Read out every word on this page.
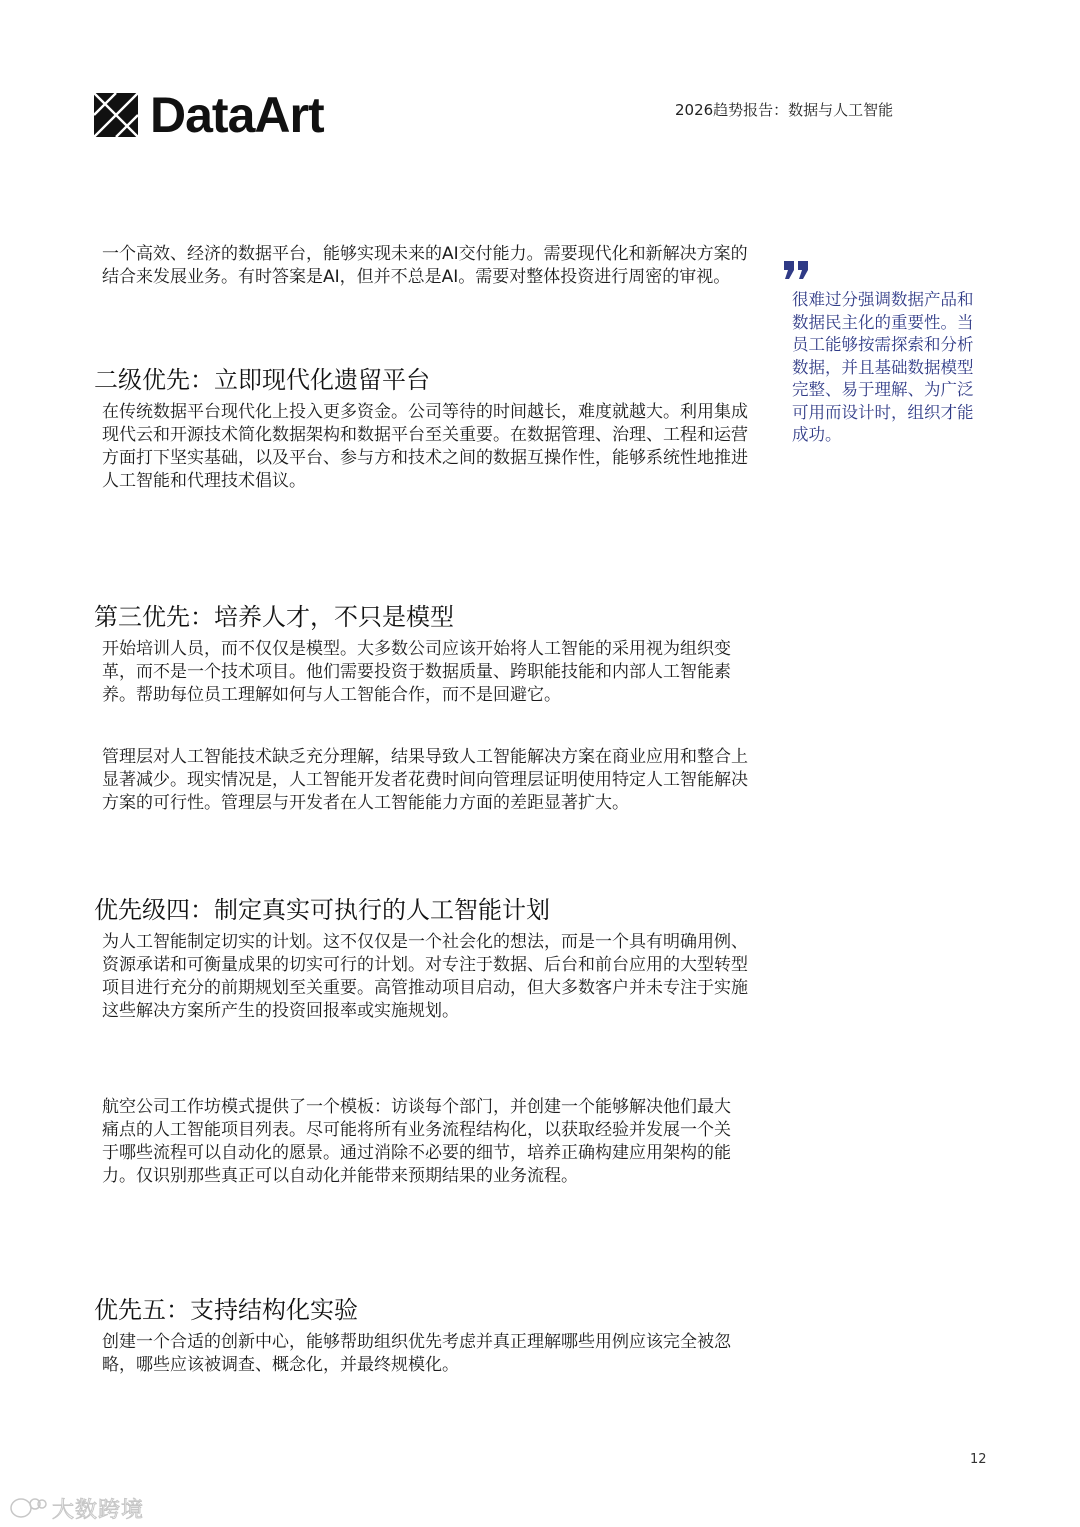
DataArt	2026趋势报告：数据与人工智能

一个高效、经济的数据平台，能够实现未来的AI交付能力。需要现代化和新解决方案的结合来发展业务。有时答案是AI，但并不总是AI。需要对整体投资进行周密的审视。

二级优先：立即现代化遗留平台

在传统数据平台现代化上投入更多资金。公司等待的时间越长，难度就越大。利用集成现代云和开源技术简化数据架构和数据平台至关重要。在数据管理、治理、工程和运营方面打下坚实基础，以及平台、参与方和技术之间的数据互操作性，能够系统性地推进人工智能和代理技术倡议。

第三优先：培养人才，不只是模型

开始培训人员，而不仅仅是模型。大多数公司应该开始将人工智能的采用视为组织变革，而不是一个技术项目。他们需要投资于数据质量、跨职能技能和内部人工智能素养。帮助每位员工理解如何与人工智能合作，而不是回避它。

管理层对人工智能技术缺乏充分理解，结果导致人工智能解决方案在商业应用和整合上显著减少。现实情况是，人工智能开发者花费时间向管理层证明使用特定人工智能解决方案的可行性。管理层与开发者在人工智能能力方面的差距显著扩大。

优先级四：制定真实可执行的人工智能计划

为人工智能制定切实的计划。这不仅仅是一个社会化的想法，而是一个具有明确用例、资源承诺和可衡量成果的切实可行的计划。对专注于数据、后台和前台应用的大型转型项目进行充分的前期规划至关重要。高管推动项目启动，但大多数客户并未专注于实施这些解决方案所产生的投资回报率或实施规划。

航空公司工作坊模式提供了一个模板：访谈每个部门，并创建一个能够解决他们最大痛点的人工智能项目列表。尽可能将所有业务流程结构化，以获取经验并发展一个关于哪些流程可以自动化的愿景。通过消除不必要的细节，培养正确构建应用架构的能力。仅识别那些真正可以自动化并能带来预期结果的业务流程。

优先五：支持结构化实验

创建一个合适的创新中心，能够帮助组织优先考虑并真正理解哪些用例应该完全被忽略，哪些应该被调查、概念化，并最终规模化。

很难过分强调数据产品和数据民主化的重要性。当员工能够按需探索和分析数据，并且基础数据模型完整、易于理解、为广泛可用而设计时，组织才能成功。

12
大数跨境
